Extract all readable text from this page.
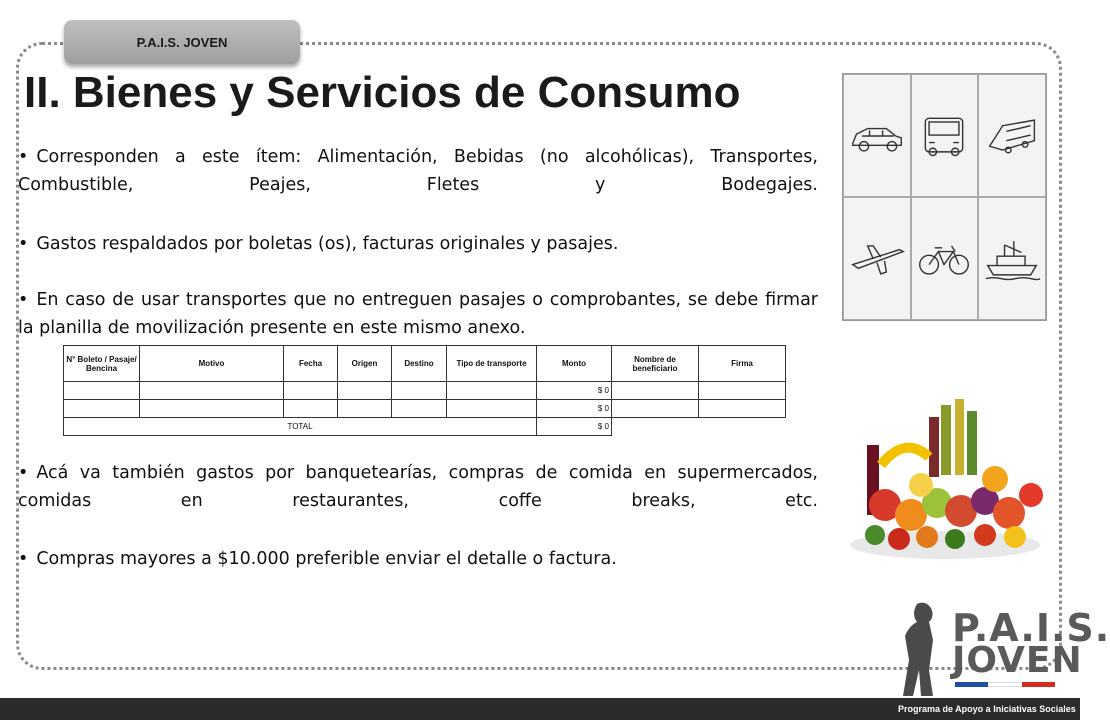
P.A.I.S. JOVEN
II. Bienes y Servicios de Consumo
• Corresponden a este ítem: Alimentación, Bebidas (no alcohólicas), Transportes, Combustible, Peajes, Fletes y Bodegajes.
• Gastos respaldados por boletas (os), facturas originales y pasajes.
• En caso de usar transportes que no entreguen pasajes o comprobantes, se debe firmar la planilla de movilización presente en este mismo anexo.
N° Boleto / Pasaje/ Bencina	Motivo	Fecha	Origen	Destino	Tipo de transporte	Monto	Nombre de beneficiario	Firma
						$ 0		
						$ 0		
TOTAL						$ 0		
• Acá va también gastos por banquetearías, compras de comida en supermercados, comidas en restaurantes, coffe breaks, etc.
• Compras mayores a $10.000 preferible enviar el detalle o factura.
P.A.I.S.
JOVEN
Programa de Apoyo a Iniciativas Sociales
